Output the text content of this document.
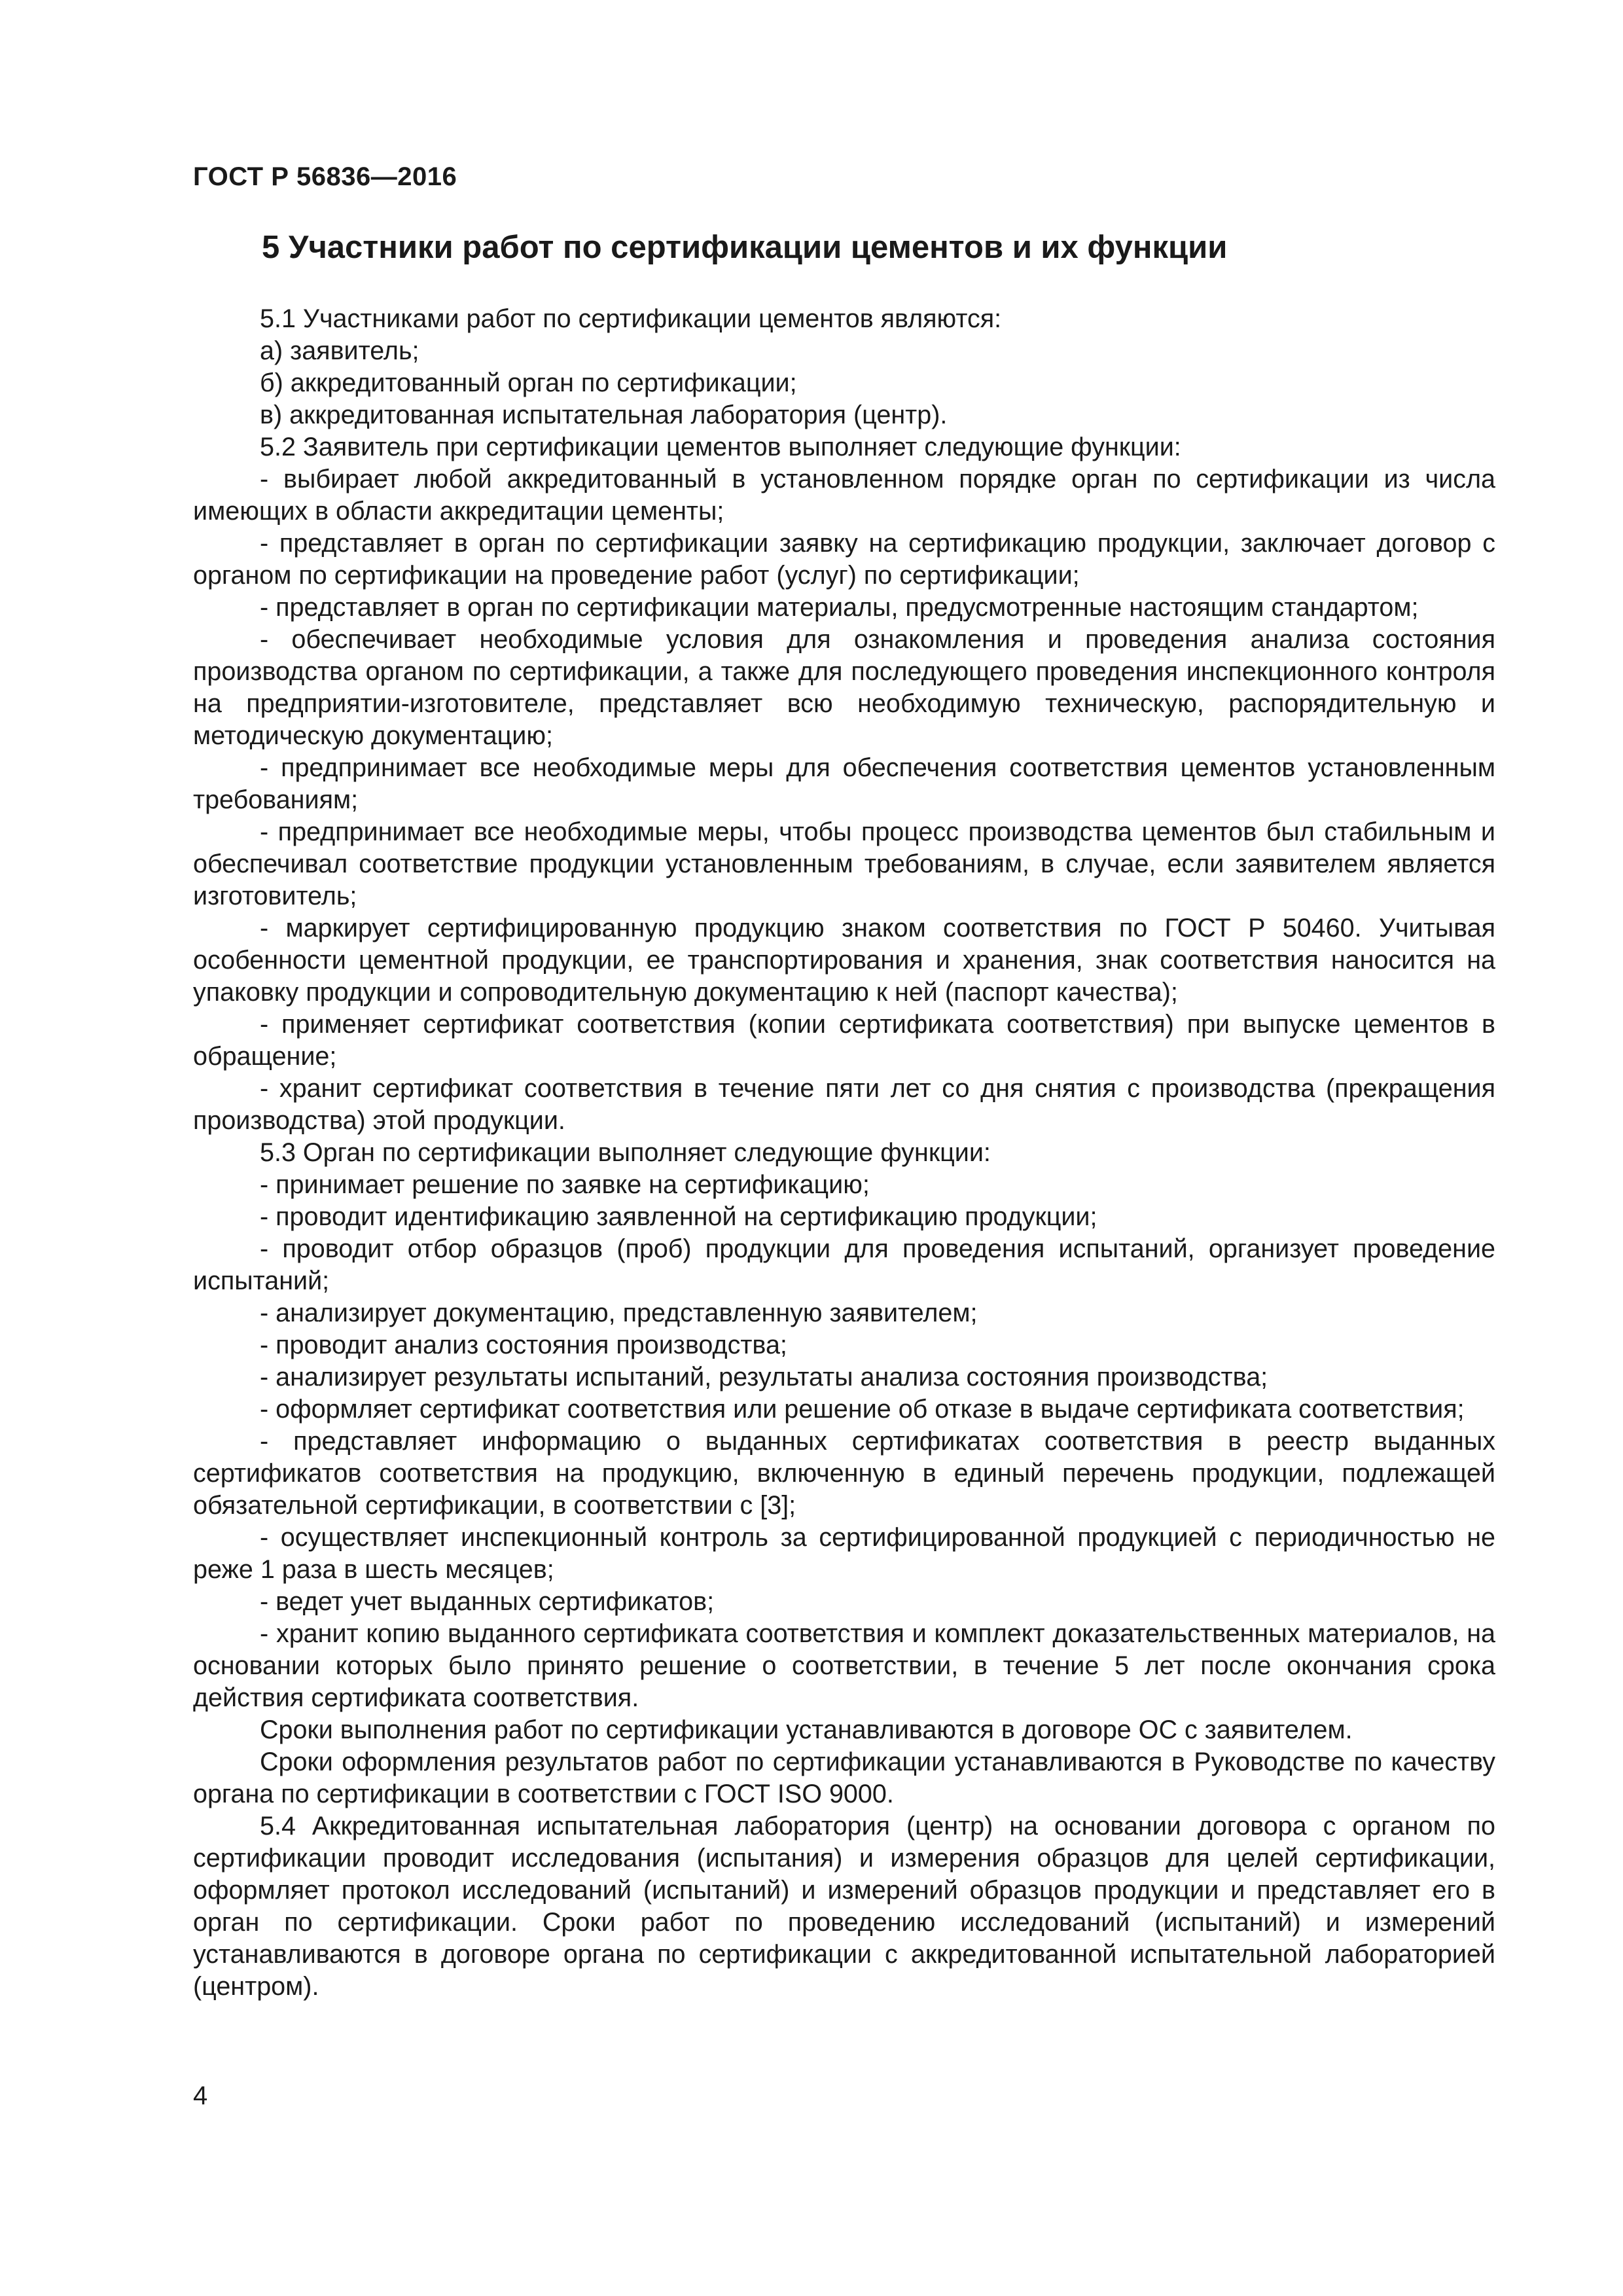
ГОСТ Р 56836—2016
5 Участники работ по сертификации цементов и их функции

5.1 Участниками работ по сертификации цементов являются:

а) заявитель;

б) аккредитованный орган по сертификации;

в) аккредитованная испытательная лаборатория (центр).

5.2 Заявитель при сертификации цементов выполняет следующие функции:

- выбирает любой аккредитованный в установленном порядке орган по сертификации из числа имеющих в области аккредитации цементы;

- представляет в орган по сертификации заявку на сертификацию продукции, заключает договор с органом по сертификации на проведение работ (услуг) по сертификации;

- представляет в орган по сертификации материалы, предусмотренные настоящим стандартом;

- обеспечивает необходимые условия для ознакомления и проведения анализа состояния производства органом по сертификации, а также для последующего проведения инспекционного контроля на предприятии-изготовителе, представляет всю необходимую техническую, распорядительную и методическую документацию;

- предпринимает все необходимые меры для обеспечения соответствия цементов установленным требованиям;

- предпринимает все необходимые меры, чтобы процесс производства цементов был стабильным и обеспечивал соответствие продукции установленным требованиям, в случае, если заявителем является изготовитель;

- маркирует сертифицированную продукцию знаком соответствия по ГОСТ Р 50460. Учитывая особенности цементной продукции, ее транспортирования и хранения, знак соответствия наносится на упаковку продукции и сопроводительную документацию к ней (паспорт качества);

- применяет сертификат соответствия (копии сертификата соответствия) при выпуске цементов в обращение;

- хранит сертификат соответствия в течение пяти лет со дня снятия с производства (прекращения производства) этой продукции.

5.3 Орган по сертификации выполняет следующие функции:

- принимает решение по заявке на сертификацию;

- проводит идентификацию заявленной на сертификацию продукции;

- проводит отбор образцов (проб) продукции для проведения испытаний, организует проведение испытаний;

- анализирует документацию, представленную заявителем;

- проводит анализ состояния производства;

- анализирует результаты испытаний, результаты анализа состояния производства;

- оформляет сертификат соответствия или решение об отказе в выдаче сертификата соответствия;

- представляет информацию о выданных сертификатах соответствия в реестр выданных сертификатов соответствия на продукцию, включенную в единый перечень продукции, подлежащей обязательной сертификации, в соответствии с [3];

- осуществляет инспекционный контроль за сертифицированной продукцией с периодичностью не реже 1 раза в шесть месяцев;

- ведет учет выданных сертификатов;

- хранит копию выданного сертификата соответствия и комплект доказательственных материалов, на основании которых было принято решение о соответствии, в течение 5 лет после окончания срока действия сертификата соответствия.

Сроки выполнения работ по сертификации устанавливаются в договоре ОС с заявителем.

Сроки оформления результатов работ по сертификации устанавливаются в Руководстве по качеству органа по сертификации в соответствии с ГОСТ ISO 9000.

5.4 Аккредитованная испытательная лаборатория (центр) на основании договора с органом по сертификации проводит исследования (испытания) и измерения образцов для целей сертификации, оформляет протокол исследований (испытаний) и измерений образцов продукции и представляет его в орган по сертификации. Сроки работ по проведению исследований (испытаний) и измерений устанавливаются в договоре органа по сертификации с аккредитованной испытательной лабораторией (центром).

4
